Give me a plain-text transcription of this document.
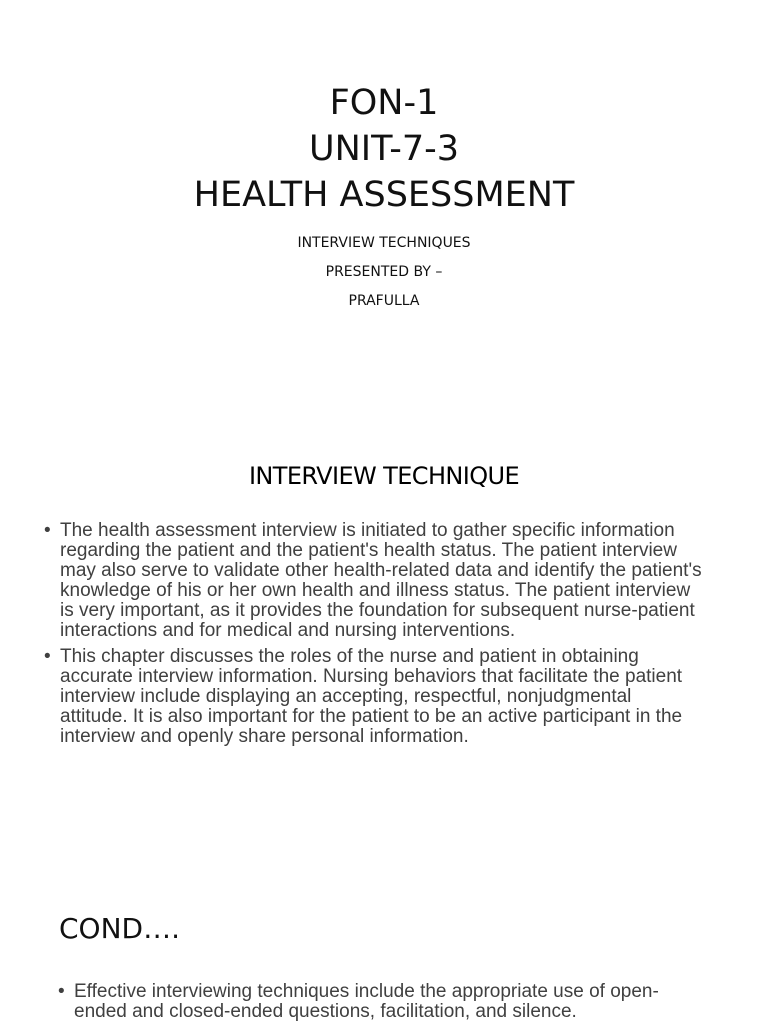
FON-1
UNIT-7-3
HEALTH ASSESSMENT
INTERVIEW TECHNIQUES
PRESENTED BY –
PRAFULLA
INTERVIEW TECHNIQUE
• The health assessment interview is initiated to gather specific information regarding the patient and the patient's health status. The patient interview may also serve to validate other health-related data and identify the patient's knowledge of his or her own health and illness status. The patient interview is very important, as it provides the foundation for subsequent nurse-patient interactions and for medical and nursing interventions.
• This chapter discusses the roles of the nurse and patient in obtaining accurate interview information. Nursing behaviors that facilitate the patient interview include displaying an accepting, respectful, nonjudgmental attitude. It is also important for the patient to be an active participant in the interview and openly share personal information.
COND….
• Effective interviewing techniques include the appropriate use of open-ended and closed-ended questions, facilitation, and silence.
